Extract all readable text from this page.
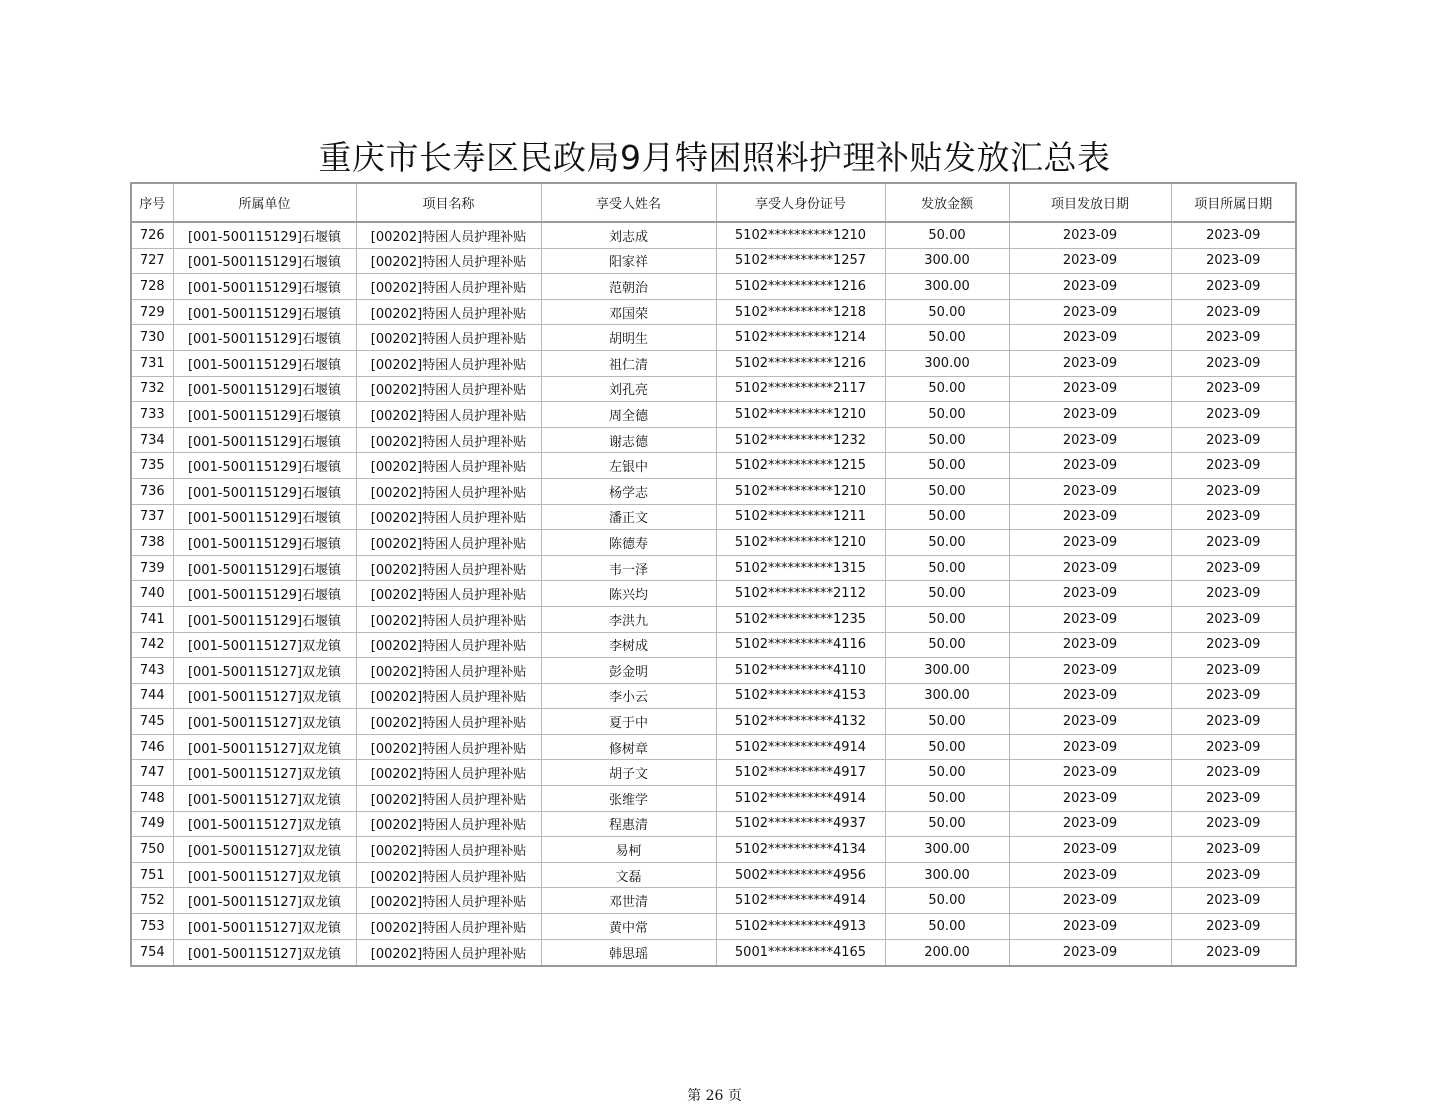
重庆市长寿区民政局9月特困照料护理补贴发放汇总表
序号	所属单位	项目名称	享受人姓名	享受人身份证号	发放金额	项目发放日期	项目所属日期
726	[001-500115129]石堰镇	[00202]特困人员护理补贴	刘志成	5102**********1210	50.00	2023-09	2023-09
727	[001-500115129]石堰镇	[00202]特困人员护理补贴	阳家祥	5102**********1257	300.00	2023-09	2023-09
728	[001-500115129]石堰镇	[00202]特困人员护理补贴	范朝治	5102**********1216	300.00	2023-09	2023-09
729	[001-500115129]石堰镇	[00202]特困人员护理补贴	邓国荣	5102**********1218	50.00	2023-09	2023-09
730	[001-500115129]石堰镇	[00202]特困人员护理补贴	胡明生	5102**********1214	50.00	2023-09	2023-09
731	[001-500115129]石堰镇	[00202]特困人员护理补贴	祖仁清	5102**********1216	300.00	2023-09	2023-09
732	[001-500115129]石堰镇	[00202]特困人员护理补贴	刘孔亮	5102**********2117	50.00	2023-09	2023-09
733	[001-500115129]石堰镇	[00202]特困人员护理补贴	周全德	5102**********1210	50.00	2023-09	2023-09
734	[001-500115129]石堰镇	[00202]特困人员护理补贴	谢志德	5102**********1232	50.00	2023-09	2023-09
735	[001-500115129]石堰镇	[00202]特困人员护理补贴	左银中	5102**********1215	50.00	2023-09	2023-09
736	[001-500115129]石堰镇	[00202]特困人员护理补贴	杨学志	5102**********1210	50.00	2023-09	2023-09
737	[001-500115129]石堰镇	[00202]特困人员护理补贴	潘正文	5102**********1211	50.00	2023-09	2023-09
738	[001-500115129]石堰镇	[00202]特困人员护理补贴	陈德寿	5102**********1210	50.00	2023-09	2023-09
739	[001-500115129]石堰镇	[00202]特困人员护理补贴	韦一泽	5102**********1315	50.00	2023-09	2023-09
740	[001-500115129]石堰镇	[00202]特困人员护理补贴	陈兴均	5102**********2112	50.00	2023-09	2023-09
741	[001-500115129]石堰镇	[00202]特困人员护理补贴	李洪九	5102**********1235	50.00	2023-09	2023-09
742	[001-500115127]双龙镇	[00202]特困人员护理补贴	李树成	5102**********4116	50.00	2023-09	2023-09
743	[001-500115127]双龙镇	[00202]特困人员护理补贴	彭金明	5102**********4110	300.00	2023-09	2023-09
744	[001-500115127]双龙镇	[00202]特困人员护理补贴	李小云	5102**********4153	300.00	2023-09	2023-09
745	[001-500115127]双龙镇	[00202]特困人员护理补贴	夏于中	5102**********4132	50.00	2023-09	2023-09
746	[001-500115127]双龙镇	[00202]特困人员护理补贴	修树章	5102**********4914	50.00	2023-09	2023-09
747	[001-500115127]双龙镇	[00202]特困人员护理补贴	胡子文	5102**********4917	50.00	2023-09	2023-09
748	[001-500115127]双龙镇	[00202]特困人员护理补贴	张维学	5102**********4914	50.00	2023-09	2023-09
749	[001-500115127]双龙镇	[00202]特困人员护理补贴	程惠清	5102**********4937	50.00	2023-09	2023-09
750	[001-500115127]双龙镇	[00202]特困人员护理补贴	易柯	5102**********4134	300.00	2023-09	2023-09
751	[001-500115127]双龙镇	[00202]特困人员护理补贴	文磊	5002**********4956	300.00	2023-09	2023-09
752	[001-500115127]双龙镇	[00202]特困人员护理补贴	邓世清	5102**********4914	50.00	2023-09	2023-09
753	[001-500115127]双龙镇	[00202]特困人员护理补贴	黄中常	5102**********4913	50.00	2023-09	2023-09
754	[001-500115127]双龙镇	[00202]特困人员护理补贴	韩思瑶	5001**********4165	200.00	2023-09	2023-09
第 26 页
